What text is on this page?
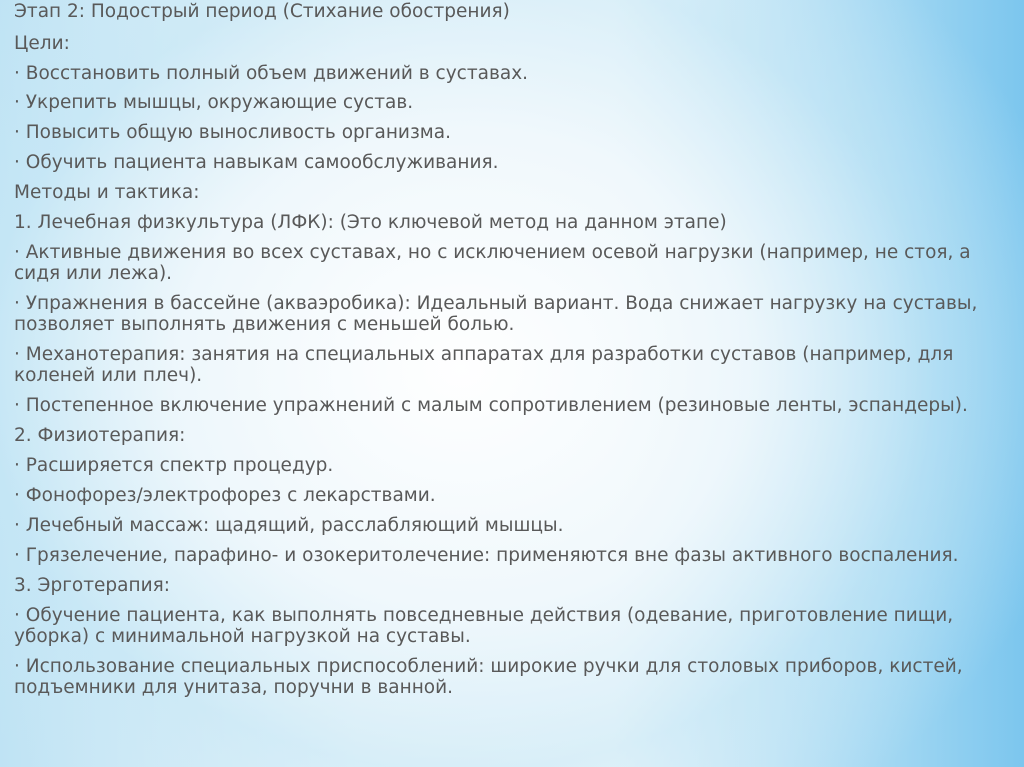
Этап 2: Подострый период (Стихание обострения)
Цели:
· Восстановить полный объем движений в суставах.
· Укрепить мышцы, окружающие сустав.
· Повысить общую выносливость организма.
· Обучить пациента навыкам самообслуживания.
Методы и тактика:
1. Лечебная физкультура (ЛФК): (Это ключевой метод на данном этапе)
· Активные движения во всех суставах, но с исключением осевой нагрузки (например, не стоя, а
сидя или лежа).
· Упражнения в бассейне (акваэробика): Идеальный вариант. Вода снижает нагрузку на суставы,
позволяет выполнять движения с меньшей болью.
· Механотерапия: занятия на специальных аппаратах для разработки суставов (например, для
коленей или плеч).
· Постепенное включение упражнений с малым сопротивлением (резиновые ленты, эспандеры).
2. Физиотерапия:
· Расширяется спектр процедур.
· Фонофорез/электрофорез с лекарствами.
· Лечебный массаж: щадящий, расслабляющий мышцы.
· Грязелечение, парафино- и озокеритолечение: применяются вне фазы активного воспаления.
3. Эрготерапия:
· Обучение пациента, как выполнять повседневные действия (одевание, приготовление пищи,
уборка) с минимальной нагрузкой на суставы.
· Использование специальных приспособлений: широкие ручки для столовых приборов, кистей,
подъемники для унитаза, поручни в ванной.
